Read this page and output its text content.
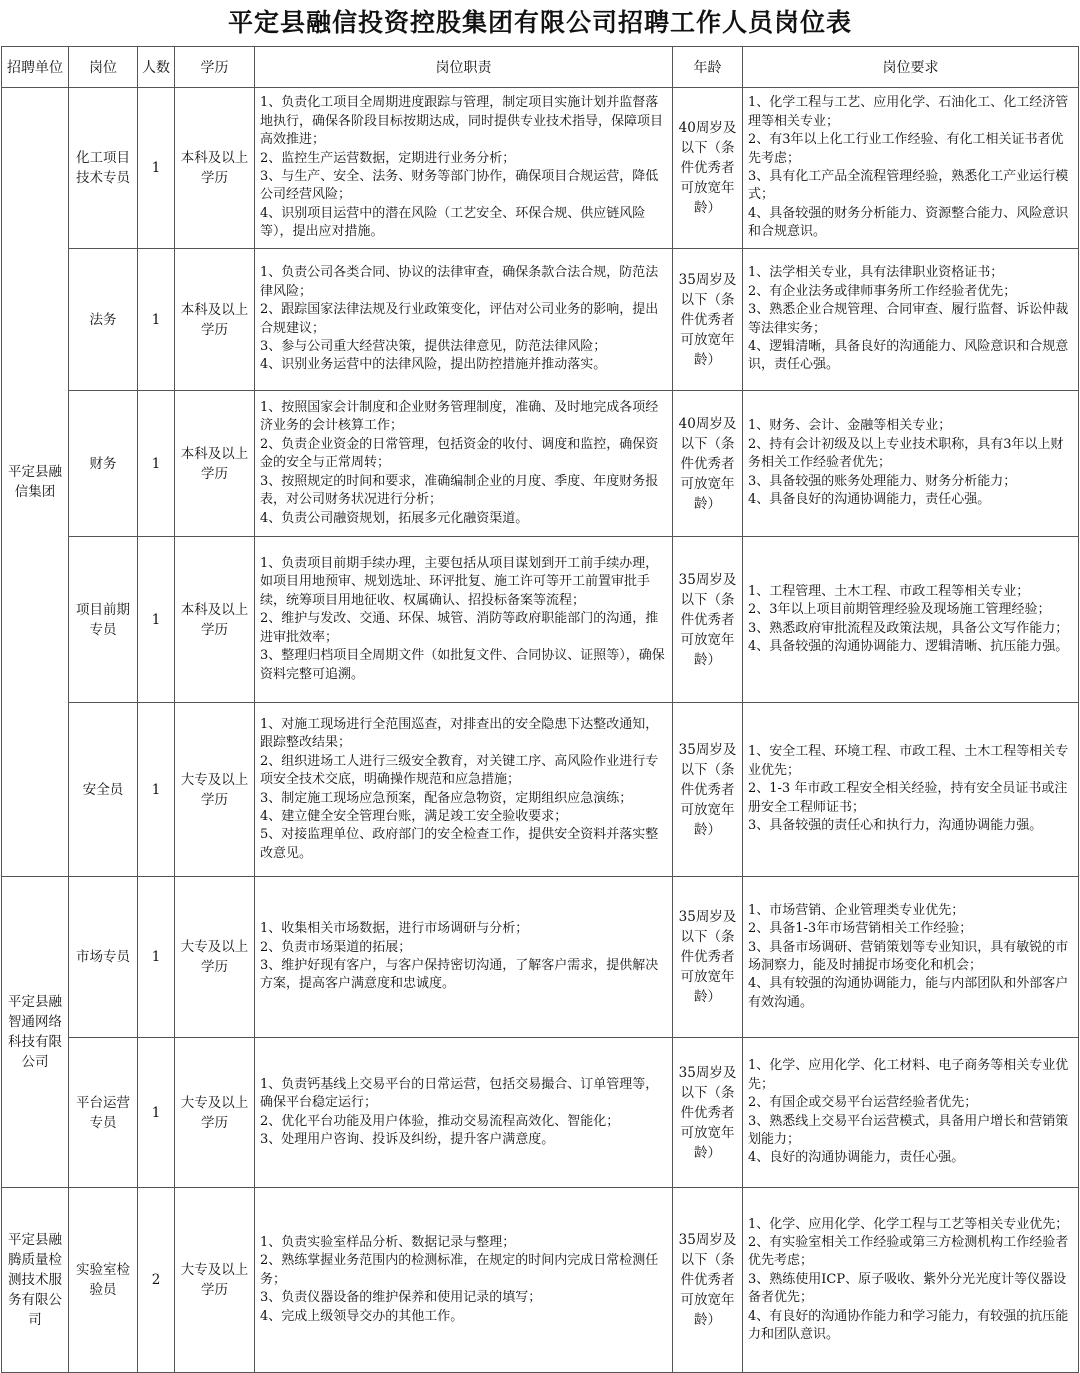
平定县融信投资控股集团有限公司招聘工作人员岗位表
招聘单位	岗位	人数	学历	岗位职责	年龄	岗位要求

平定县融信集团	化工项目技术专员	1	本科及以上学历	1、负责化工项目全周期进度跟踪与管理，制定项目实施计划并监督落地执行，确保各阶段目标按期达成，同时提供专业技术指导，保障项目高效推进；
2、监控生产运营数据，定期进行业务分析；
3、与生产、安全、法务、财务等部门协作，确保项目合规运营，降低公司经营风险；
4、识别项目运营中的潜在风险（工艺安全、环保合规、供应链风险等），提出应对措施。	40周岁及以下（条件优秀者可放宽年龄）	1、化学工程与工艺、应用化学、石油化工、化工经济管理等相关专业；
2、有3年以上化工行业工作经验、有化工相关证书者优先考虑；
3、具有化工产品全流程管理经验，熟悉化工产业运行模式；
4、具备较强的财务分析能力、资源整合能力、风险意识和合规意识。

	法务	1	本科及以上学历	1、负责公司各类合同、协议的法律审查，确保条款合法合规，防范法律风险；
2、跟踪国家法律法规及行业政策变化，评估对公司业务的影响，提出合规建议；
3、参与公司重大经营决策，提供法律意见，防范法律风险；
4、识别业务运营中的法律风险，提出防控措施并推动落实。	35周岁及以下（条件优秀者可放宽年龄）	1、法学相关专业，具有法律职业资格证书；
2、有企业法务或律师事务所工作经验者优先；
3、熟悉企业合规管理、合同审查、履行监督、诉讼仲裁等法律实务；
4、逻辑清晰，具备良好的沟通能力、风险意识和合规意识，责任心强。

	财务	1	本科及以上学历	1、按照国家会计制度和企业财务管理制度，准确、及时地完成各项经济业务的会计核算工作；
2、负责企业资金的日常管理，包括资金的收付、调度和监控，确保资金的安全与正常周转；
3、按照规定的时间和要求，准确编制企业的月度、季度、年度财务报表，对公司财务状况进行分析；
4、负责公司融资规划，拓展多元化融资渠道。	40周岁及以下（条件优秀者可放宽年龄）	1、财务、会计、金融等相关专业；
2、持有会计初级及以上专业技术职称，具有3年以上财务相关工作经验者优先；
3、具备较强的账务处理能力、财务分析能力；
4、具备良好的沟通协调能力，责任心强。

	项目前期专员	1	本科及以上学历	1、负责项目前期手续办理，主要包括从项目谋划到开工前手续办理，如项目用地预审、规划选址、环评批复、施工许可等开工前置审批手续，统筹项目用地征收、权属确认、招投标备案等流程；
2、维护与发改、交通、环保、城管、消防等政府职能部门的沟通，推进审批效率；
3、整理归档项目全周期文件（如批复文件、合同协议、证照等），确保资料完整可追溯。	35周岁及以下（条件优秀者可放宽年龄）	1、工程管理、土木工程、市政工程等相关专业；
2、3年以上项目前期管理经验及现场施工管理经验；
3、熟悉政府审批流程及政策法规，具备公文写作能力；
4、具备较强的沟通协调能力、逻辑清晰、抗压能力强。

	安全员	1	大专及以上学历	1、对施工现场进行全范围巡查，对排查出的安全隐患下达整改通知，跟踪整改结果；
2、组织进场工人进行三级安全教育，对关键工序、高风险作业进行专项安全技术交底，明确操作规范和应急措施；
3、制定施工现场应急预案，配备应急物资，定期组织应急演练；
4、建立健全安全管理台账，满足竣工安全验收要求；
5、对接监理单位、政府部门的安全检查工作，提供安全资料并落实整改意见。	35周岁及以下（条件优秀者可放宽年龄）	1、安全工程、环境工程、市政工程、土木工程等相关专业优先；
2、1-3 年市政工程安全相关经验，持有安全员证书或注册安全工程师证书；
3、具备较强的责任心和执行力，沟通协调能力强。

平定县融智通网络科技有限公司	市场专员	1	大专及以上学历	1、收集相关市场数据，进行市场调研与分析；
2、负责市场渠道的拓展；
3、维护好现有客户，与客户保持密切沟通，了解客户需求，提供解决方案，提高客户满意度和忠诚度。	35周岁及以下（条件优秀者可放宽年龄）	1、市场营销、企业管理类专业优先；
2、具备1-3年市场营销相关工作经验；
3、具备市场调研、营销策划等专业知识，具有敏锐的市场洞察力，能及时捕捉市场变化和机会；
4、具有较强的沟通协调能力，能与内部团队和外部客户有效沟通。

	平台运营专员	1	大专及以上学历	1、负责钙基线上交易平台的日常运营，包括交易撮合、订单管理等，确保平台稳定运行；
2、优化平台功能及用户体验，推动交易流程高效化、智能化；
3、处理用户咨询、投诉及纠纷，提升客户满意度。	35周岁及以下（条件优秀者可放宽年龄）	1、化学、应用化学、化工材料、电子商务等相关专业优先；
2、有国企或交易平台运营经验者优先；
3、熟悉线上交易平台运营模式，具备用户增长和营销策划能力；
4、良好的沟通协调能力，责任心强。

平定县融腾质量检测技术服务有限公司	实验室检验员	2	大专及以上学历	1、负责实验室样品分析、数据记录与整理；
2、熟练掌握业务范围内的检测标准，在规定的时间内完成日常检测任务；
3、负责仪器设备的维护保养和使用记录的填写；
4、完成上级领导交办的其他工作。	35周岁及以下（条件优秀者可放宽年龄）	1、化学、应用化学、化学工程与工艺等相关专业优先；
2、有实验室相关工作经验或第三方检测机构工作经验者优先考虑；
3、熟练使用ICP、原子吸收、紫外分光光度计等仪器设备者优先；
4、有良好的沟通协作能力和学习能力，有较强的抗压能力和团队意识。
